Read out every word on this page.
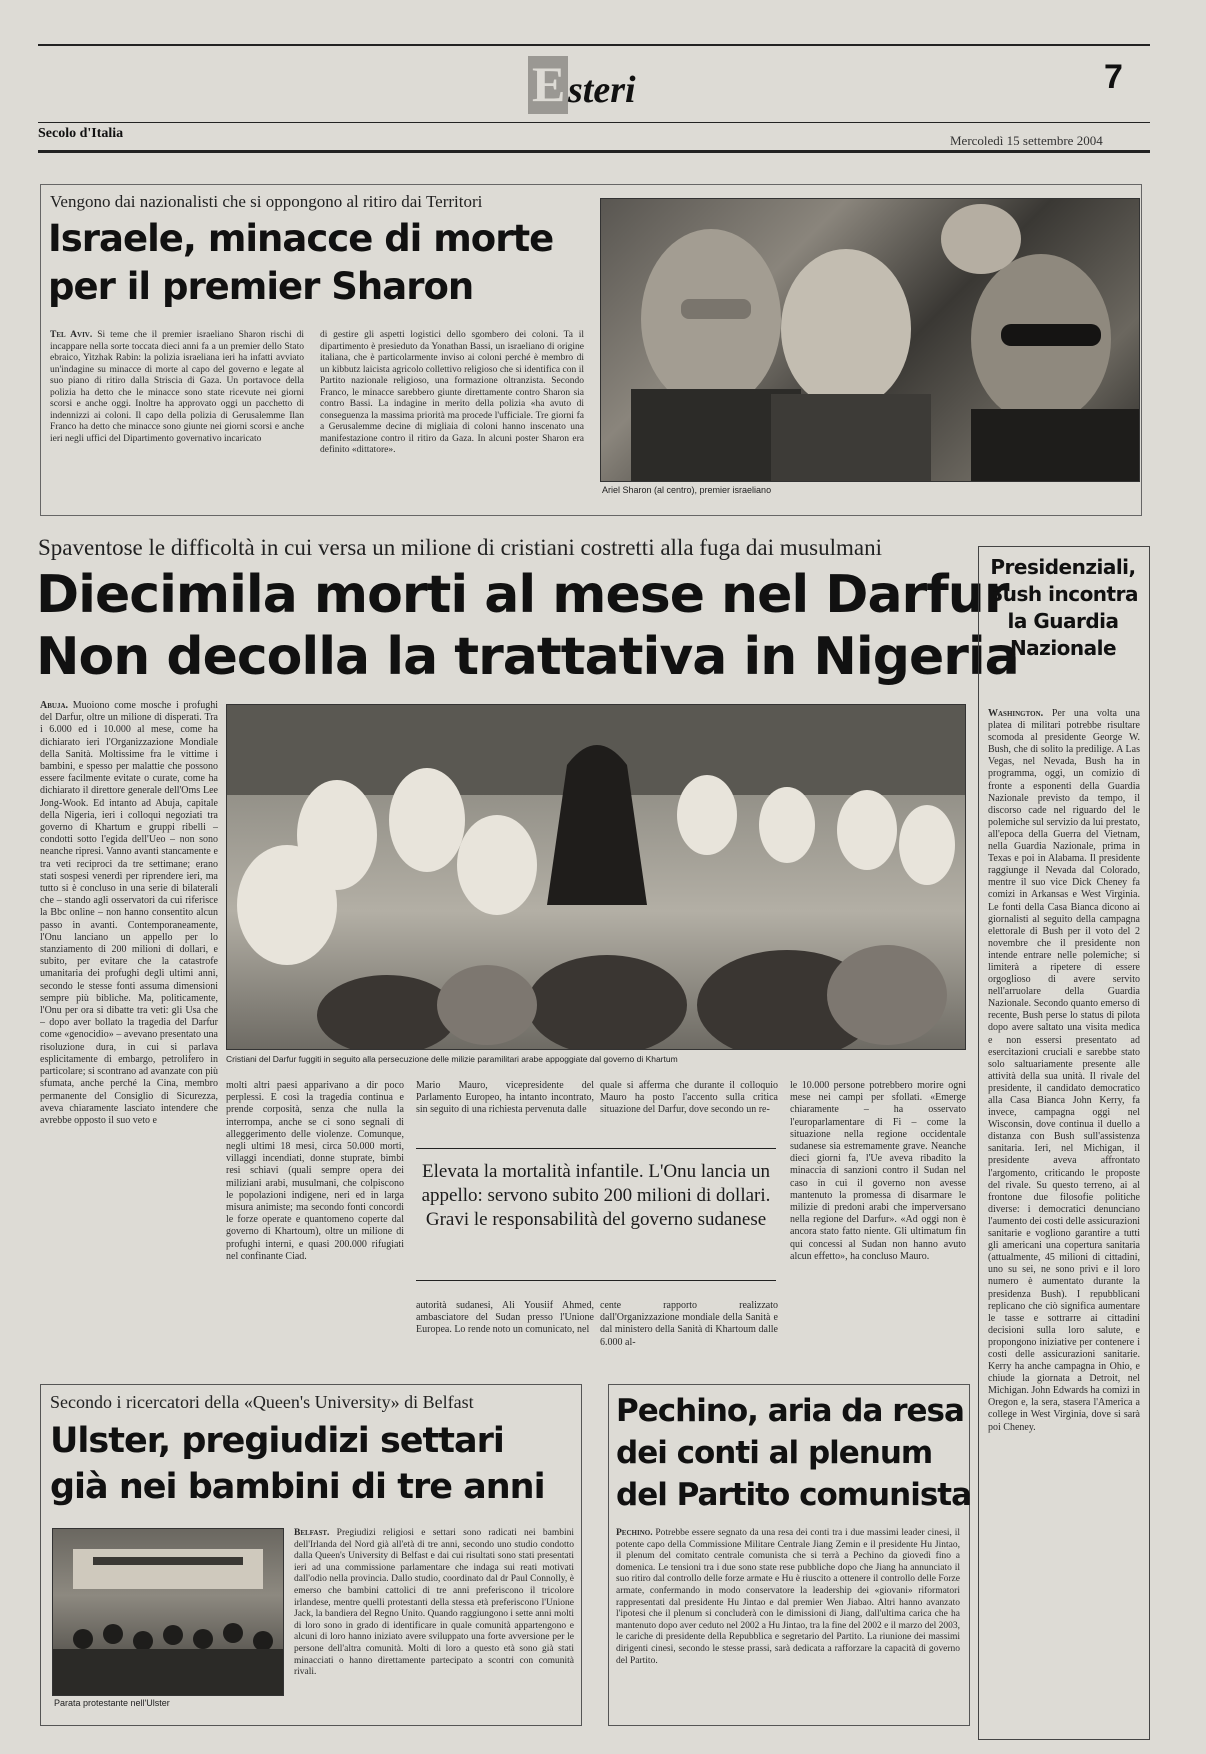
E steri	7
Secolo d'Italia	Mercoledì 15 settembre 2004
Vengono dai nazionalisti che si oppongono al ritiro dai Territori
Israele, minacce di morte
per il premier Sharon
Tel Aviv. Si teme che il premier israeliano Sharon rischi di incappare nella sorte toccata dieci anni fa a un premier dello Stato ebraico, Yitzhak Rabin: la polizia israeliana ieri ha infatti avviato un'indagine su minacce di morte al capo del governo e legate al suo piano di ritiro dalla Striscia di Gaza. Un portavoce della polizia ha detto che le minacce sono state ricevute nei giorni scorsi e anche oggi. Inoltre ha approvato oggi un pacchetto di indennizzi ai coloni. Il capo della polizia di Gerusalemme Ilan Franco ha detto che minacce sono giunte nei giorni scorsi e anche ieri negli uffici del Dipartimento governativo incaricato
di gestire gli aspetti logistici dello sgombero dei coloni. Ta il dipartimento è presieduto da Yonathan Bassi, un israeliano di origine italiana, che è particolarmente inviso ai coloni perché è membro di un kibbutz laicista agricolo collettivo religioso che si identifica con il Partito nazionale religioso, una formazione oltranzista. Secondo Franco, le minacce sarebbero giunte direttamente contro Sharon sia contro Bassi. La indagine in merito della polizia «ha avuto di conseguenza la massima priorità ma procede l'ufficiale. Tre giorni fa a Gerusalemme decine di migliaia di coloni hanno inscenato una manifestazione contro il ritiro da Gaza. In alcuni poster Sharon era definito «dittatore».
Ariel Sharon (al centro), premier israeliano
Spaventose le difficoltà in cui versa un milione di cristiani costretti alla fuga dai musulmani
Diecimila morti al mese nel Darfur
Non decolla la trattativa in Nigeria
Abuja. Muoiono come mosche i profughi del Darfur, oltre un milione di disperati. Tra i 6.000 ed i 10.000 al mese, come ha dichiarato ieri l'Organizzazione Mondiale della Sanità. Moltissime fra le vittime i bambini, e spesso per malattie che possono essere facilmente evitate o curate, come ha dichiarato il direttore generale dell'Oms Lee Jong-Wook. Ed intanto ad Abuja, capitale della Nigeria, ieri i colloqui negoziati tra governo di Khartum e gruppi ribelli – condotti sotto l'egida dell'Ueo – non sono neanche ripresi. Vanno avanti stancamente e tra veti reciproci da tre settimane; erano stati sospesi venerdì per riprendere ieri, ma tutto si è concluso in una serie di bilaterali che – stando agli osservatori da cui riferisce la Bbc online – non hanno consentito alcun passo in avanti. Contemporaneamente, l'Onu lanciano un appello per lo stanziamento di 200 milioni di dollari, e subito, per evitare che la catastrofe umanitaria dei profughi degli ultimi anni, secondo le stesse fonti assuma dimensioni sempre più bibliche. Ma, politicamente, l'Onu per ora si dibatte tra veti: gli Usa che – dopo aver bollato la tragedia del Darfur come «genocidio» – avevano presentato una risoluzione dura, in cui si parlava esplicitamente di embargo, petrolifero in particolare; si scontrano ad avanzate con più sfumata, anche perché la Cina, membro permanente del Consiglio di Sicurezza, aveva chiaramente lasciato intendere che avrebbe opposto il suo veto e
Cristiani del Darfur fuggiti in seguito alla persecuzione delle milizie paramilitari arabe appoggiate dal governo di Khartum
molti altri paesi apparivano a dir poco perplessi. E così la tragedia continua e prende corposità, senza che nulla la interrompa, anche se ci sono segnali di alleggerimento delle violenze. Comunque, negli ultimi 18 mesi, circa 50.000 morti, villaggi incendiati, donne stuprate, bimbi resi schiavi (quali sempre opera dei miliziani arabi, musulmani, che colpiscono le popolazioni indigene, neri ed in larga misura animiste; ma secondo fonti concordi le forze operate e quantomeno coperte dal governo di Khartoum), oltre un milione di profughi interni, e quasi 200.000 rifugiati nel confinante Ciad.
Mario Mauro, vicepresidente del Parlamento Europeo, ha intanto incontrato, sin seguito di una richiesta pervenuta dalle
quale si afferma che durante il colloquio Mauro ha posto l'accento sulla critica situazione del Darfur, dove secondo un re-
le 10.000 persone potrebbero morire ogni mese nei campi per sfollati. «Emerge chiaramente – ha osservato l'europarlamentare di Fi – come la situazione nella regione occidentale sudanese sia estremamente grave. Neanche dieci giorni fa, l'Ue aveva ribadito la minaccia di sanzioni contro il Sudan nel caso in cui il governo non avesse mantenuto la promessa di disarmare le milizie di predoni arabi che imperversano nella regione del Darfur». «Ad oggi non è ancora stato fatto niente. Gli ultimatum fin qui concessi al Sudan non hanno avuto alcun effetto», ha concluso Mauro.
Elevata la mortalità infantile. L'Onu lancia un appello: servono subito 200 milioni di dollari. Gravi le responsabilità del governo sudanese
autorità sudanesi, Ali Yousiif Ahmed, ambasciatore del Sudan presso l'Unione Europea. Lo rende noto un comunicato, nel
cente rapporto realizzato dall'Organizzazione mondiale della Sanità e dal ministero della Sanità di Khartoum dalle 6.000 al-
Presidenziali, Bush incontra la Guardia Nazionale
Washington. Per una volta una platea di militari potrebbe risultare scomoda al presidente George W. Bush, che di solito la predilige. A Las Vegas, nel Nevada, Bush ha in programma, oggi, un comizio di fronte a esponenti della Guardia Nazionale previsto da tempo, il discorso cade nel riguardo del le polemiche sul servizio da lui prestato, all'epoca della Guerra del Vietnam, nella Guardia Nazionale, prima in Texas e poi in Alabama. Il presidente raggiunge il Nevada dal Colorado, mentre il suo vice Dick Cheney fa comizi in Arkansas e West Virginia. Le fonti della Casa Bianca dicono ai giornalisti al seguito della campagna elettorale di Bush per il voto del 2 novembre che il presidente non intende entrare nelle polemiche; si limiterà a ripetere di essere orgoglioso di avere servito nell'arruolare della Guardia Nazionale. Secondo quanto emerso di recente, Bush perse lo status di pilota dopo avere saltato una visita medica e non essersi presentato ad esercitazioni cruciali e sarebbe stato solo saltuariamente presente alle attività della sua unità. Il rivale del presidente, il candidato democratico alla Casa Bianca John Kerry, fa invece, campagna oggi nel Wisconsin, dove continua il duello a distanza con Bush sull'assistenza sanitaria. Ieri, nel Michigan, il presidente aveva affrontato l'argomento, criticando le proposte del rivale. Su questo terreno, ai al frontone due filosofie politiche diverse: i democratici denunciano l'aumento dei costi delle assicurazioni sanitarie e vogliono garantire a tutti gli americani una copertura sanitaria (attualmente, 45 milioni di cittadini, uno su sei, ne sono privi e il loro numero è aumentato durante la presidenza Bush). I repubblicani replicano che ciò significa aumentare le tasse e sottrarre ai cittadini decisioni sulla loro salute, e propongono iniziative per contenere i costi delle assicurazioni sanitarie. Kerry ha anche campagna in Ohio, e chiude la giornata a Detroit, nel Michigan. John Edwards ha comizi in Oregon e, la sera, stasera l'America a college in West Virginia, dove si sarà poi Cheney.
Secondo i ricercatori della «Queen's University» di Belfast
Ulster, pregiudizi settari
già nei bambini di tre anni
Parata protestante nell'Ulster
Belfast. Pregiudizi religiosi e settari sono radicati nei bambini dell'Irlanda del Nord già all'età di tre anni, secondo uno studio condotto dalla Queen's University di Belfast e dai cui risultati sono stati presentati ieri ad una commissione parlamentare che indaga sui reati motivati dall'odio nella provincia. Dallo studio, coordinato dal dr Paul Connolly, è emerso che bambini cattolici di tre anni preferiscono il tricolore irlandese, mentre quelli protestanti della stessa età preferiscono l'Unione Jack, la bandiera del Regno Unito. Quando raggiungono i sette anni molti di loro sono in grado di identificare in quale comunità appartengono e alcuni di loro hanno iniziato avere sviluppato una forte avversione per le persone dell'altra comunità. Molti di loro a questo età sono già stati minacciati o hanno direttamente partecipato a scontri con comunità rivali.
Pechino, aria da resa
dei conti al plenum
del Partito comunista
Pechino. Potrebbe essere segnato da una resa dei conti tra i due massimi leader cinesi, il potente capo della Commissione Militare Centrale Jiang Zemin e il presidente Hu Jintao, il plenum del comitato centrale comunista che si terrà a Pechino da giovedì fino a domenica. Le tensioni tra i due sono state rese pubbliche dopo che Jiang ha annunciato il suo ritiro dal controllo delle forze armate e Hu è riuscito a ottenere il controllo delle Forze armate, confermando in modo conservatore la leadership dei «giovani» riformatori rappresentati dal presidente Hu Jintao e dal premier Wen Jiabao. Altri hanno avanzato l'ipotesi che il plenum si concluderà con le dimissioni di Jiang, dall'ultima carica che ha mantenuto dopo aver ceduto nel 2002 a Hu Jintao, tra la fine del 2002 e il marzo del 2003, le cariche di presidente della Repubblica e segretario del Partito. La riunione dei massimi dirigenti cinesi, secondo le stesse prassi, sarà dedicata a rafforzare la capacità di governo del Partito.
